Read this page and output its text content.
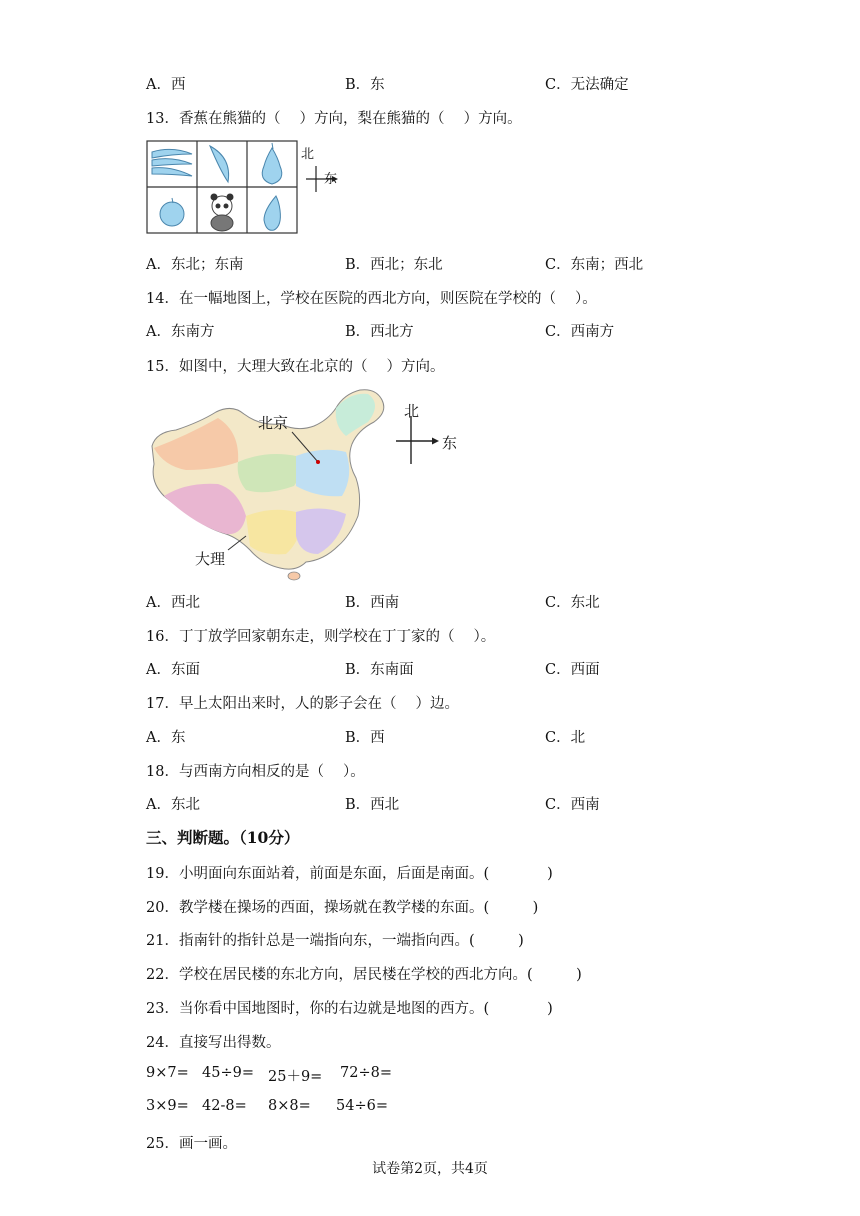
A．西	B．东	C．无法确定
13．香蕉在熊猫的（　 ）方向，梨在熊猫的（　 ）方向。
北
东
A．东北；东南	B．西北；东北	C．东南；西北
14．在一幅地图上，学校在医院的西北方向，则医院在学校的（　 ）。
A．东南方	B．西北方	C．西南方
15．如图中，大理大致在北京的（　 ）方向。
北京
大理
北
东
A．西北	B．西南	C．东北
16．丁丁放学回家朝东走，则学校在丁丁家的（　 ）。
A．东面	B．东南面	C．西面
17．早上太阳出来时，人的影子会在（　 ）边。
A．东	B．西	C．北
18．与西南方向相反的是（　 ）。
A．东北	B．西北	C．西南
三、判断题。（10分）
19．小明面向东面站着，前面是东面，后面是南面。(　　　　)
20．教学楼在操场的西面，操场就在教学楼的东面。(　　　)
21．指南针的指针总是一端指向东，一端指向西。(　　　)
22．学校在居民楼的东北方向，居民楼在学校的西北方向。(　　　)
23．当你看中国地图时，你的右边就是地图的西方。(　　　　)
24．直接写出得数。
9×7= 45÷9= 25＋9= 72÷8=
3×9= 42-8= 8×8= 54÷6=
25．画一画。
试卷第2页，共4页
